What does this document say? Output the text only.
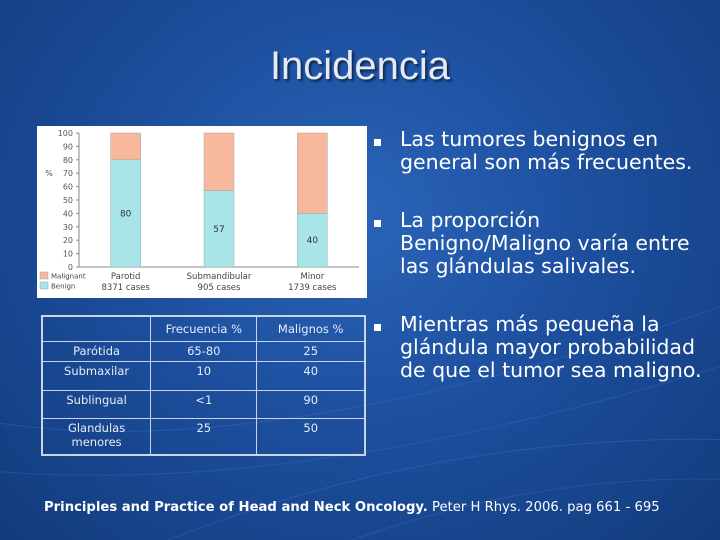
Incidencia
0
10
20
30
40
50
60
70
80
90
100
%
80
Parotid
8371 cases
57
Submandibular
905 cases
40
Minor
1739 cases
Malignant
Benign
	Frecuencia %	Malignos %
Parótida	65-80	25
Submaxilar	10	40
Sublingual	<1	90
Glandulas menores	25	50
Las tumores benignos en general son más frecuentes.
La proporción Benigno/Maligno varía entre las glándulas salivales.
Mientras más pequeña la glándula mayor probabilidad de que el tumor sea maligno.
Principles and Practice of Head and Neck Oncology. Peter H Rhys. 2006. pag 661 - 695
